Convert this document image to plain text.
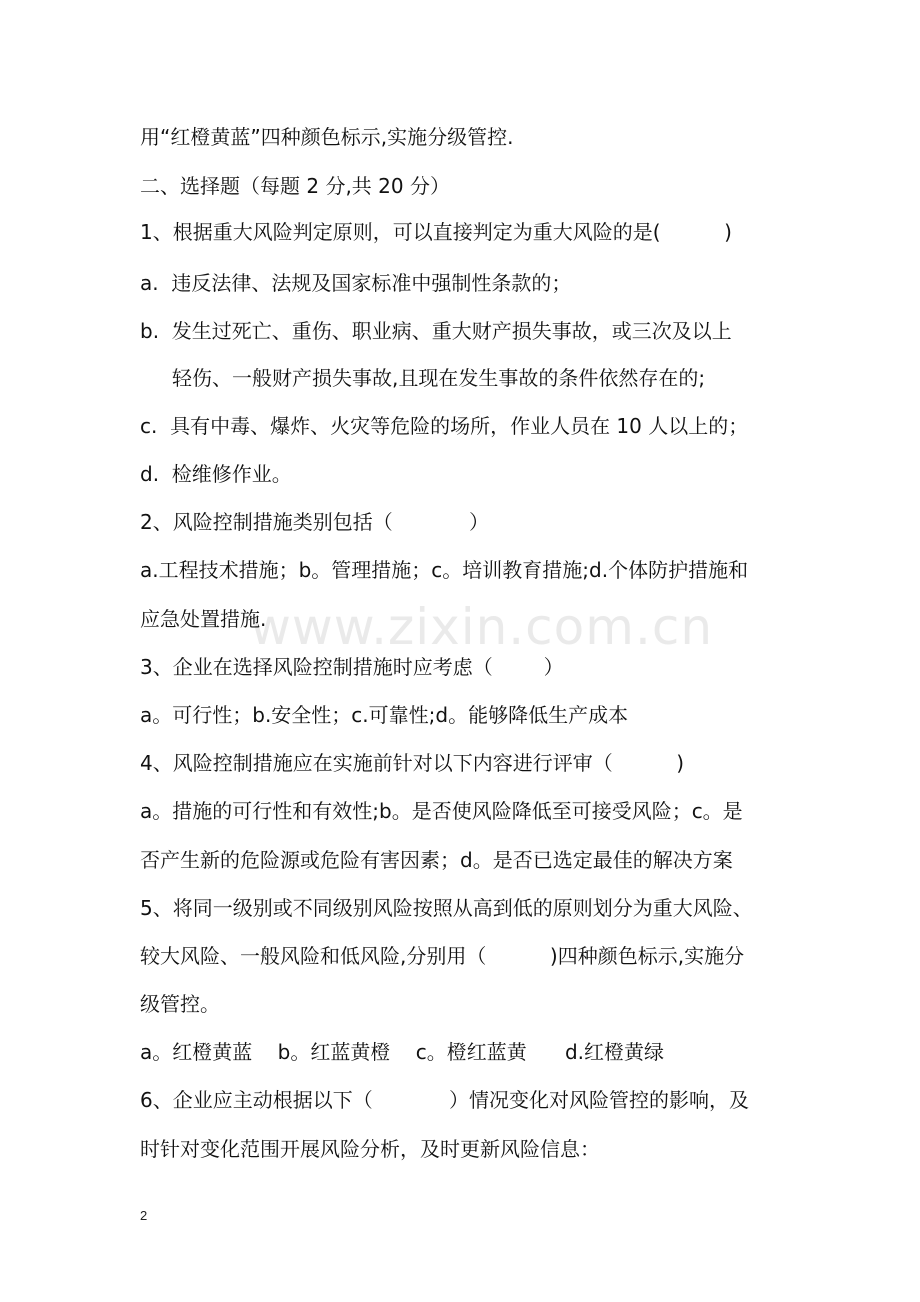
www.zixin.com.cn
用“红橙黄蓝”四种颜色标示,实施分级管控.
二、选择题（每题 2 分,共 20 分）
1、根据重大风险判定原则，可以直接判定为重大风险的是(          )
a.  违反法律、法规及国家标准中强制性条款的；
b.  发生过死亡、重伤、职业病、重大财产损失事故，或三次及以上
轻伤、一般财产损失事故,且现在发生事故的条件依然存在的;
c.  具有中毒、爆炸、火灾等危险的场所，作业人员在 10 人以上的；
d.  检维修作业。
2、风险控制措施类别包括（            ）
a.工程技术措施；b。管理措施；c。培训教育措施;d.个体防护措施和
应急处置措施.
3、企业在选择风险控制措施时应考虑（        ）
a。可行性；b.安全性；c.可靠性;d。能够降低生产成本
4、风险控制措施应在实施前针对以下内容进行评审（          )
a。措施的可行性和有效性;b。是否使风险降低至可接受风险；c。是
否产生新的危险源或危险有害因素；d。是否已选定最佳的解决方案
5、将同一级别或不同级别风险按照从高到低的原则划分为重大风险、
较大风险、一般风险和低风险,分别用（          )四种颜色标示,实施分
级管控。
a。红橙黄蓝    b。红蓝黄橙    c。橙红蓝黄      d.红橙黄绿
6、企业应主动根据以下（            ）情况变化对风险管控的影响，及
时针对变化范围开展风险分析，及时更新风险信息：
2
